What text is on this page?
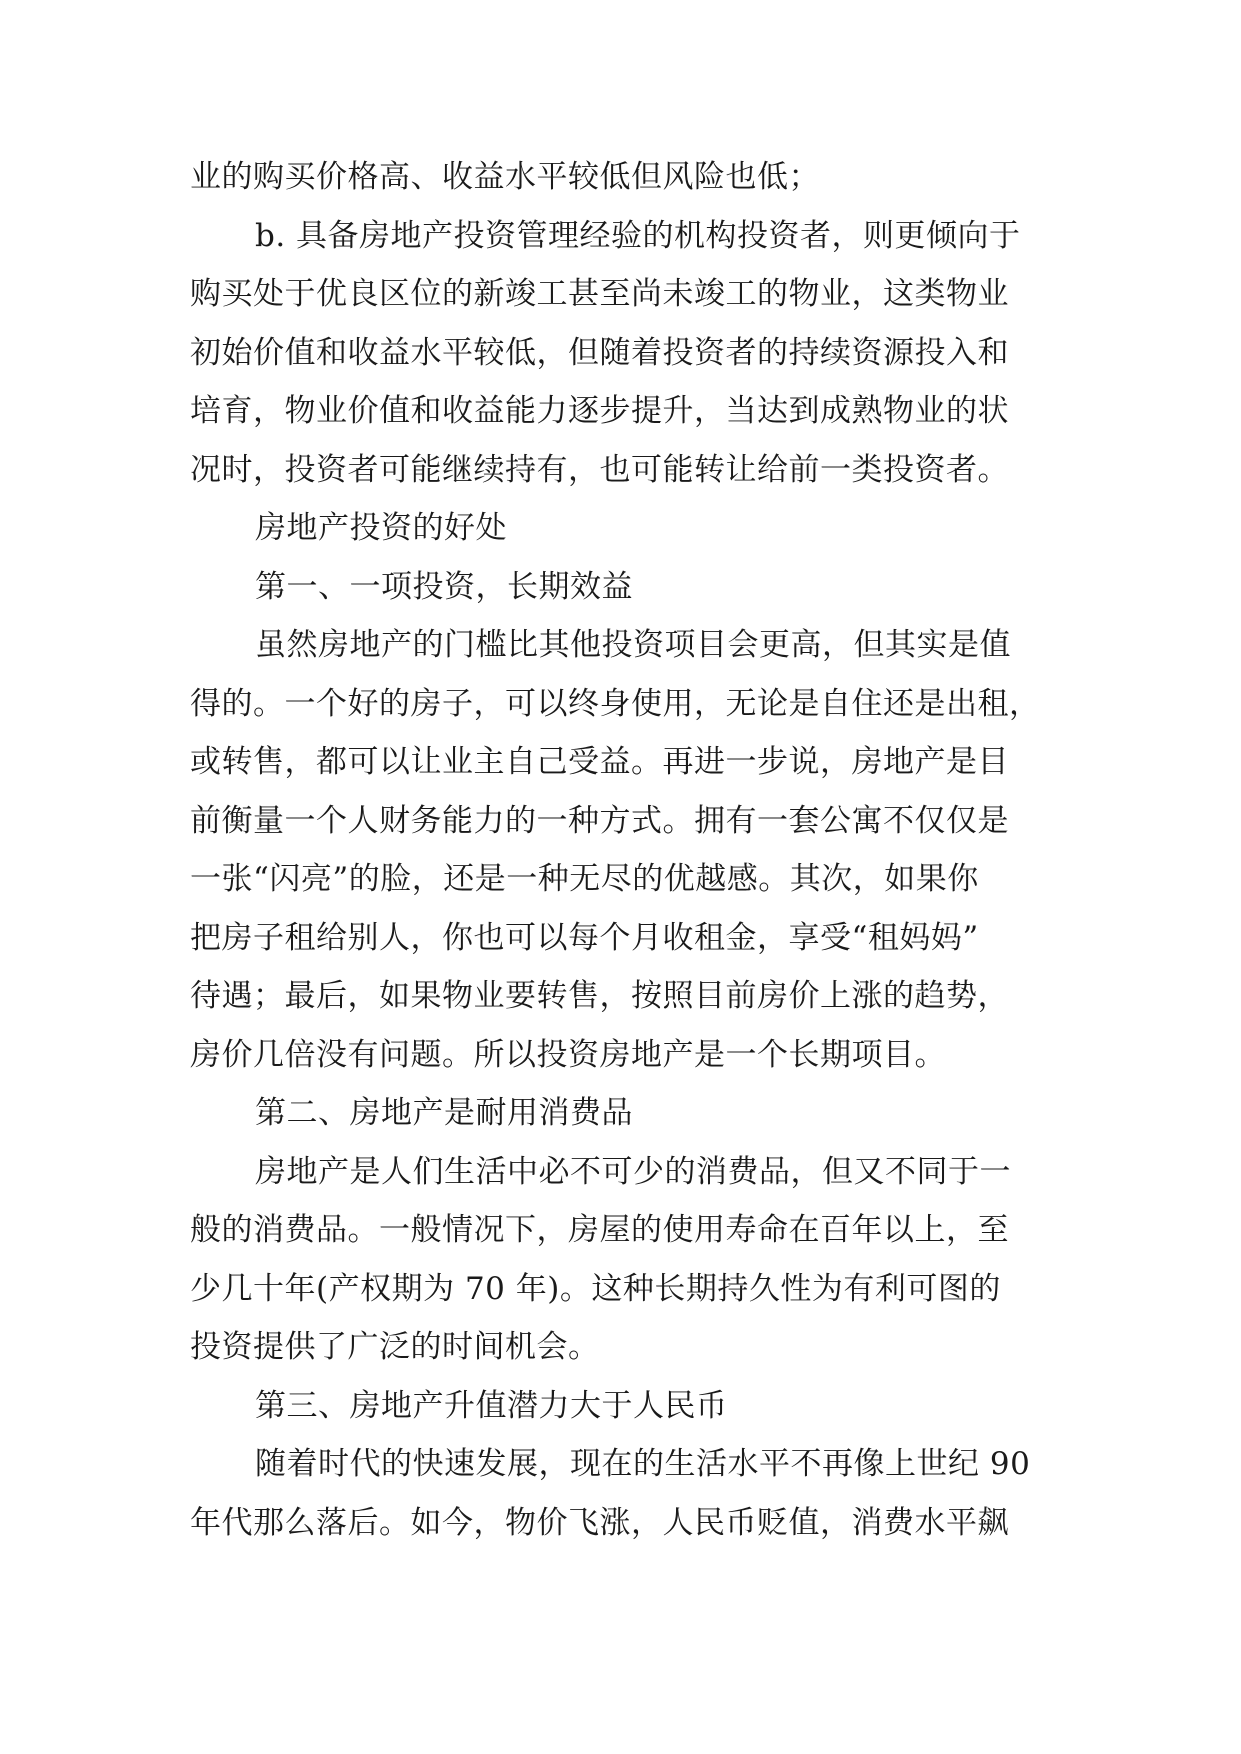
业的购买价格高、收益水平较低但风险也低；
b. 具备房地产投资管理经验的机构投资者，则更倾向于
购买处于优良区位的新竣工甚至尚未竣工的物业，这类物业
初始价值和收益水平较低，但随着投资者的持续资源投入和
培育，物业价值和收益能力逐步提升，当达到成熟物业的状
况时，投资者可能继续持有，也可能转让给前一类投资者。
房地产投资的好处
第一、一项投资，长期效益
虽然房地产的门槛比其他投资项目会更高，但其实是值
得的。一个好的房子，可以终身使用，无论是自住还是出租，
或转售，都可以让业主自己受益。再进一步说，房地产是目
前衡量一个人财务能力的一种方式。拥有一套公寓不仅仅是
一张“闪亮”的脸，还是一种无尽的优越感。其次，如果你
把房子租给别人，你也可以每个月收租金，享受“租妈妈”
待遇；最后，如果物业要转售，按照目前房价上涨的趋势，
房价几倍没有问题。所以投资房地产是一个长期项目。
第二、房地产是耐用消费品
房地产是人们生活中必不可少的消费品，但又不同于一
般的消费品。一般情况下，房屋的使用寿命在百年以上，至
少几十年(产权期为 70 年)。这种长期持久性为有利可图的
投资提供了广泛的时间机会。
第三、房地产升值潜力大于人民币
随着时代的快速发展，现在的生活水平不再像上世纪 90
年代那么落后。如今，物价飞涨，人民币贬值，消费水平飙
